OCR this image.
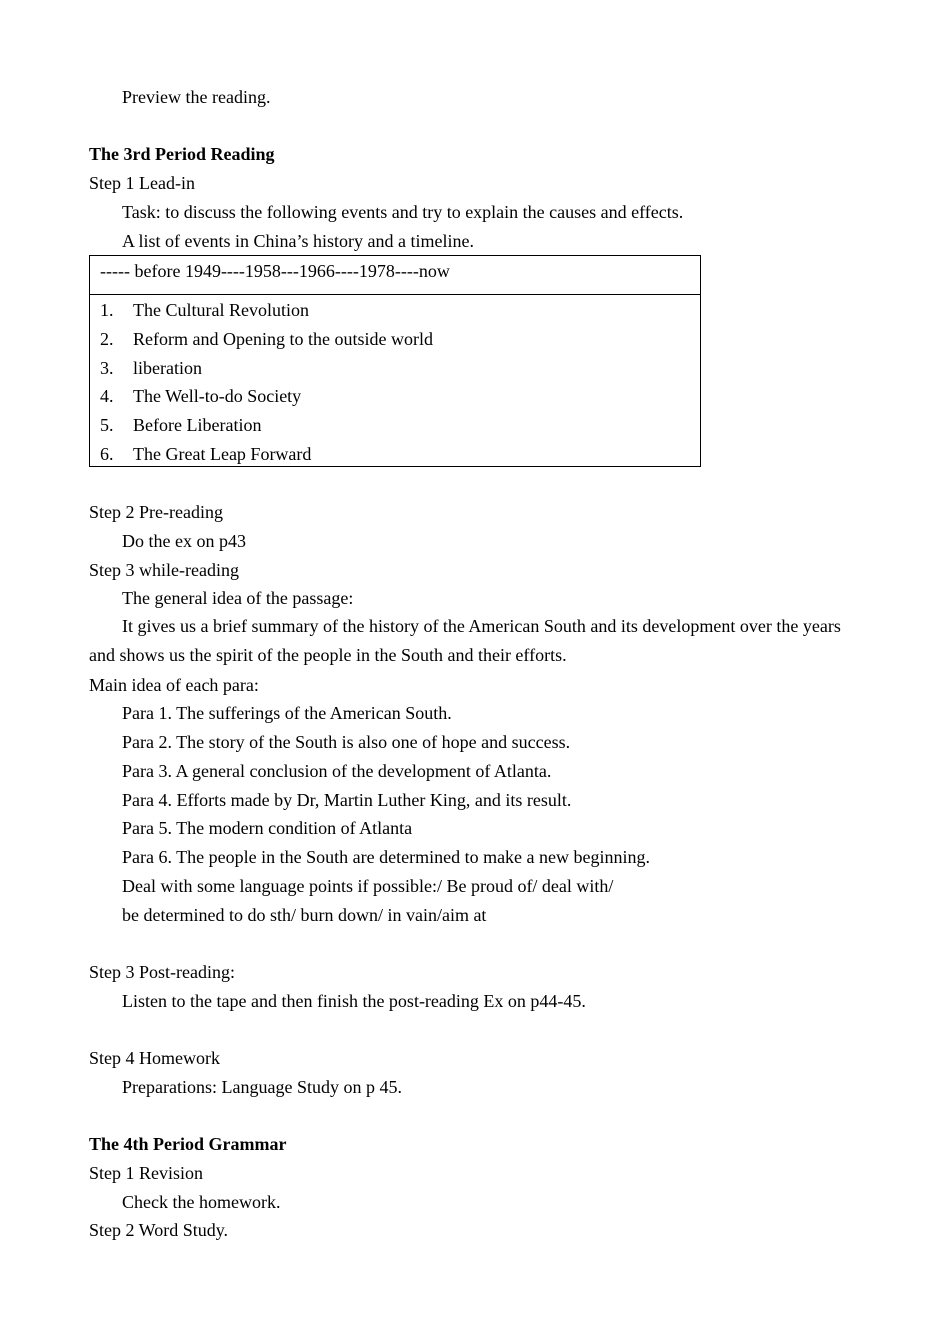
Preview the reading.
The 3rd Period Reading
Step 1 Lead-in
Task: to discuss the following events and try to explain the causes and effects.
A list of events in China’s history and a timeline.
----- before 1949----1958---1966----1978----now
1. The Cultural Revolution
2. Reform and Opening to the outside world
3. liberation
4. The Well-to-do Society
5. Before Liberation
6. The Great Leap Forward
Step 2 Pre-reading
Do the ex on p43
Step 3 while-reading
The general idea of the passage:
It gives us a brief summary of the history of the American South and its development over the years and shows us the spirit of the people in the South and their efforts.
Main idea of each para:
Para 1. The sufferings of the American South.
Para 2. The story of the South is also one of hope and success.
Para 3. A general conclusion of the development of Atlanta.
Para 4. Efforts made by Dr, Martin Luther King, and its result.
Para 5. The modern condition of Atlanta
Para 6. The people in the South are determined to make a new beginning.
Deal with some language points if possible:/ Be proud of/ deal with/
be determined to do sth/ burn down/ in vain/aim at
Step 3 Post-reading:
Listen to the tape and then finish the post-reading Ex on p44-45.
Step 4 Homework
Preparations: Language Study on p 45.
The 4th Period Grammar
Step 1 Revision
Check the homework.
Step 2 Word Study.
